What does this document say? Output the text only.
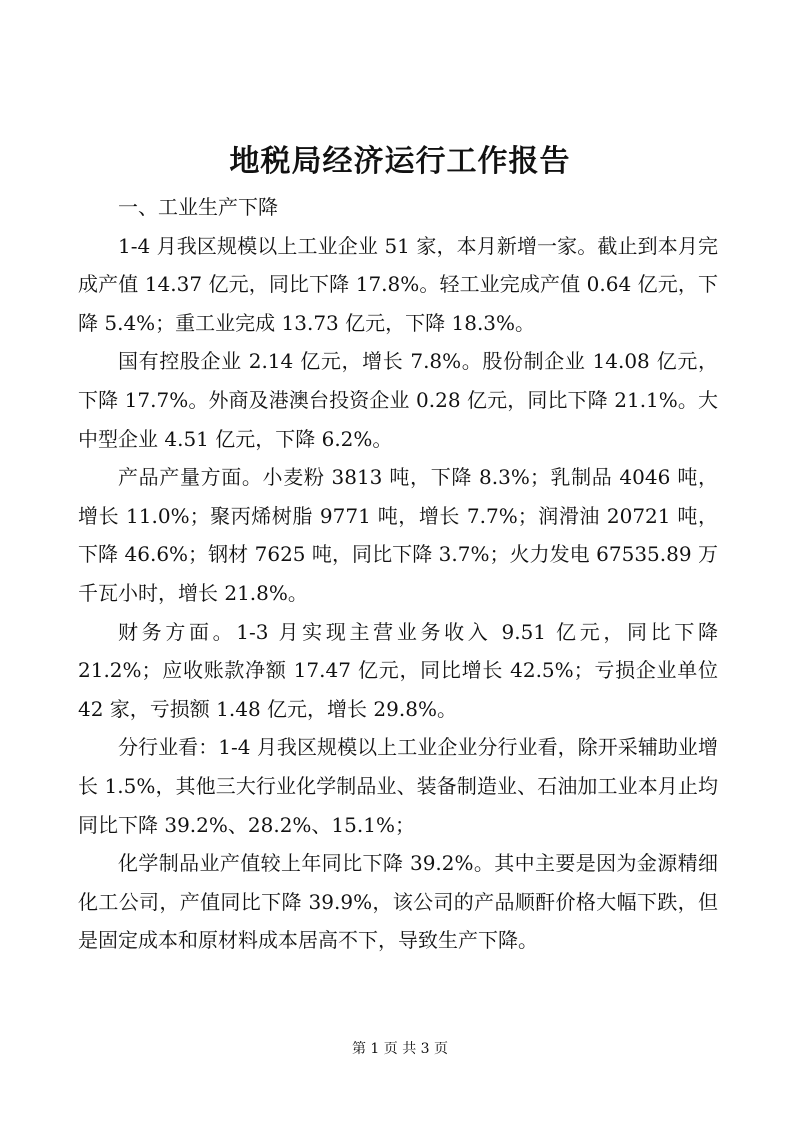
地税局经济运行工作报告

一、工业生产下降

1-4 月我区规模以上工业企业 51 家，本月新增一家。截止到本月完成产值 14.37 亿元，同比下降 17.8%。轻工业完成产值 0.64 亿元，下降 5.4%；重工业完成 13.73 亿元，下降 18.3%。

国有控股企业 2.14 亿元，增长 7.8%。股份制企业 14.08 亿元，下降 17.7%。外商及港澳台投资企业 0.28 亿元，同比下降 21.1%。大中型企业 4.51 亿元，下降 6.2%。

产品产量方面。小麦粉 3813 吨，下降 8.3%；乳制品 4046 吨，增长 11.0%；聚丙烯树脂 9771 吨，增长 7.7%；润滑油 20721 吨，下降 46.6%；钢材 7625 吨，同比下降 3.7%；火力发电 67535.89 万千瓦小时，增长 21.8%。

财务方面。1-3 月实现主营业务收入 9.51 亿元，同比下降 21.2%；应收账款净额 17.47 亿元，同比增长 42.5%；亏损企业单位 42 家，亏损额 1.48 亿元，增长 29.8%。

分行业看：1-4 月我区规模以上工业企业分行业看，除开采辅助业增长 1.5%，其他三大行业化学制品业、装备制造业、石油加工业本月止均同比下降 39.2%、28.2%、15.1%；

化学制品业产值较上年同比下降 39.2%。其中主要是因为金源精细化工公司，产值同比下降 39.9%，该公司的产品顺酐价格大幅下跌，但是固定成本和原材料成本居高不下，导致生产下降。

第 1 页 共 3 页
